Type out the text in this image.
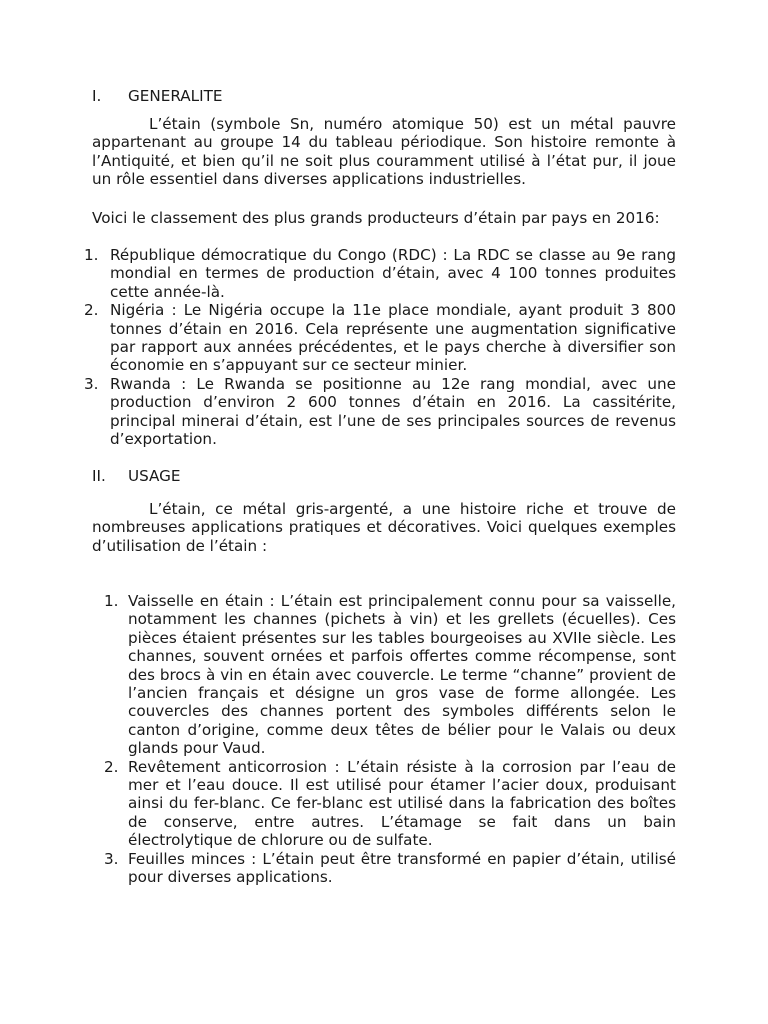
I.	GENERALITE

L’étain (symbole Sn, numéro atomique 50) est un métal pauvre appartenant au groupe 14 du tableau périodique. Son histoire remonte à l’Antiquité, et bien qu’il ne soit plus couramment utilisé à l’état pur, il joue un rôle essentiel dans diverses applications industrielles.

Voici le classement des plus grands producteurs d’étain par pays en 2016:

1. République démocratique du Congo (RDC) : La RDC se classe au 9e rang mondial en termes de production d’étain, avec 4 100 tonnes produites cette année-là.
2. Nigéria : Le Nigéria occupe la 11e place mondiale, ayant produit 3 800 tonnes d’étain en 2016. Cela représente une augmentation significative par rapport aux années précédentes, et le pays cherche à diversifier son économie en s’appuyant sur ce secteur minier.
3. Rwanda : Le Rwanda se positionne au 12e rang mondial, avec une production d’environ 2 600 tonnes d’étain en 2016. La cassitérite, principal minerai d’étain, est l’une de ses principales sources de revenus d’exportation.
II.	USAGE

L’étain, ce métal gris-argenté, a une histoire riche et trouve de nombreuses applications pratiques et décoratives. Voici quelques exemples d’utilisation de l’étain :

1. Vaisselle en étain : L’étain est principalement connu pour sa vaisselle, notamment les channes (pichets à vin) et les grellets (écuelles). Ces pièces étaient présentes sur les tables bourgeoises au XVIIe siècle. Les channes, souvent ornées et parfois offertes comme récompense, sont des brocs à vin en étain avec couvercle. Le terme “channe” provient de l’ancien français et désigne un gros vase de forme allongée. Les couvercles des channes portent des symboles différents selon le canton d’origine, comme deux têtes de bélier pour le Valais ou deux glands pour Vaud.
2. Revêtement anticorrosion : L’étain résiste à la corrosion par l’eau de mer et l’eau douce. Il est utilisé pour étamer l’acier doux, produisant ainsi du fer-blanc. Ce fer-blanc est utilisé dans la fabrication des boîtes de conserve, entre autres. L’étamage se fait dans un bain électrolytique de chlorure ou de sulfate.
3. Feuilles minces : L’étain peut être transformé en papier d’étain, utilisé pour diverses applications.
